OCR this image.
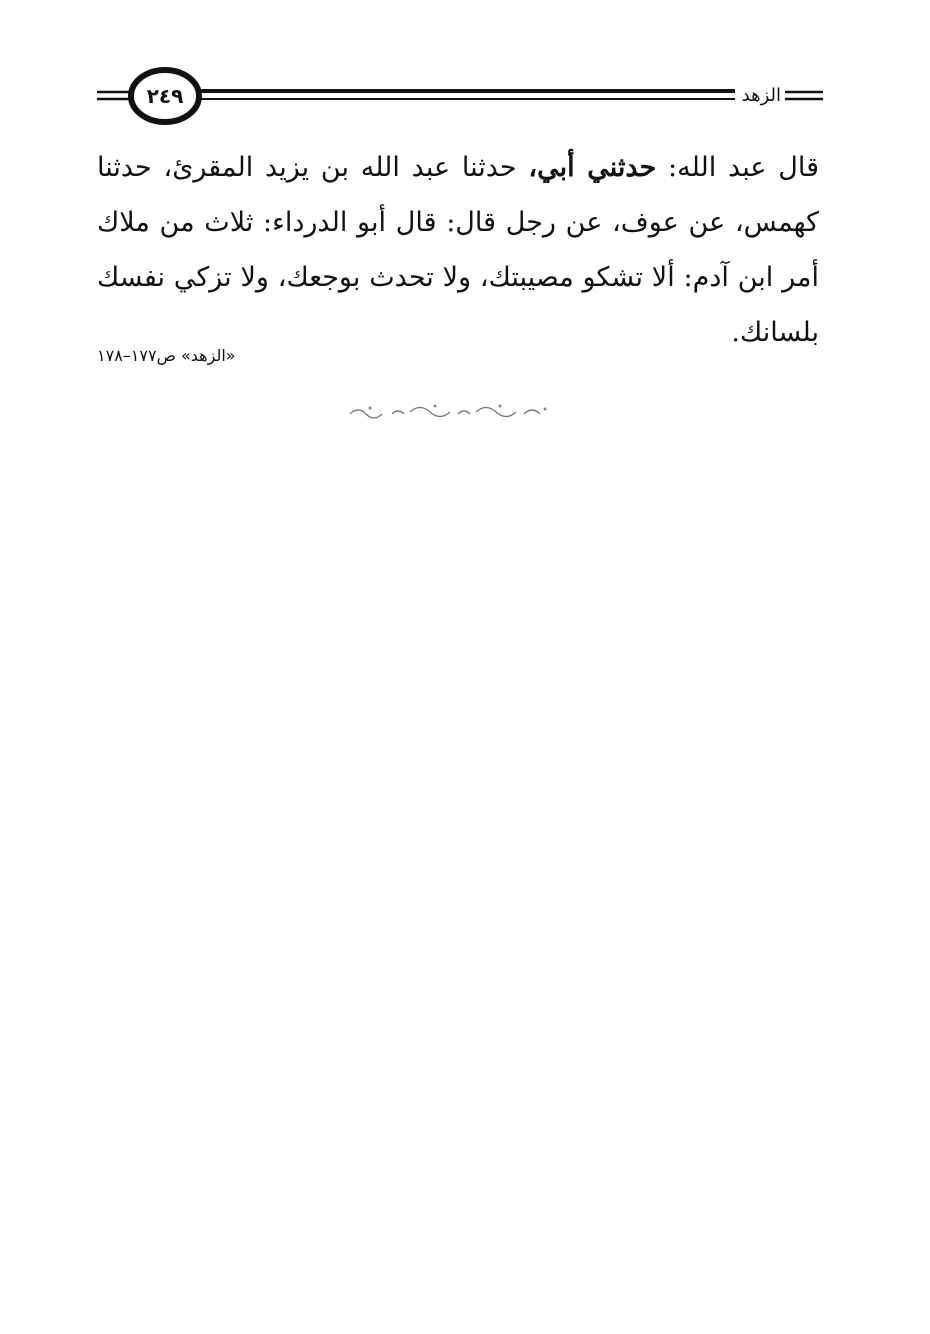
٢٤٩	الزهد
قال عبد الله: حدثني أبي، حدثنا عبد الله بن يزيد المقرئ، حدثنا كهمس، عن عوف، عن رجل قال: قال أبو الدرداء: ثلاث من ملاك أمر ابن آدم: ألا تشكو مصيبتك، ولا تحدث بوجعك، ولا تزكي نفسك بلسانك.
«الزهد» ص١٧٧–١٧٨
